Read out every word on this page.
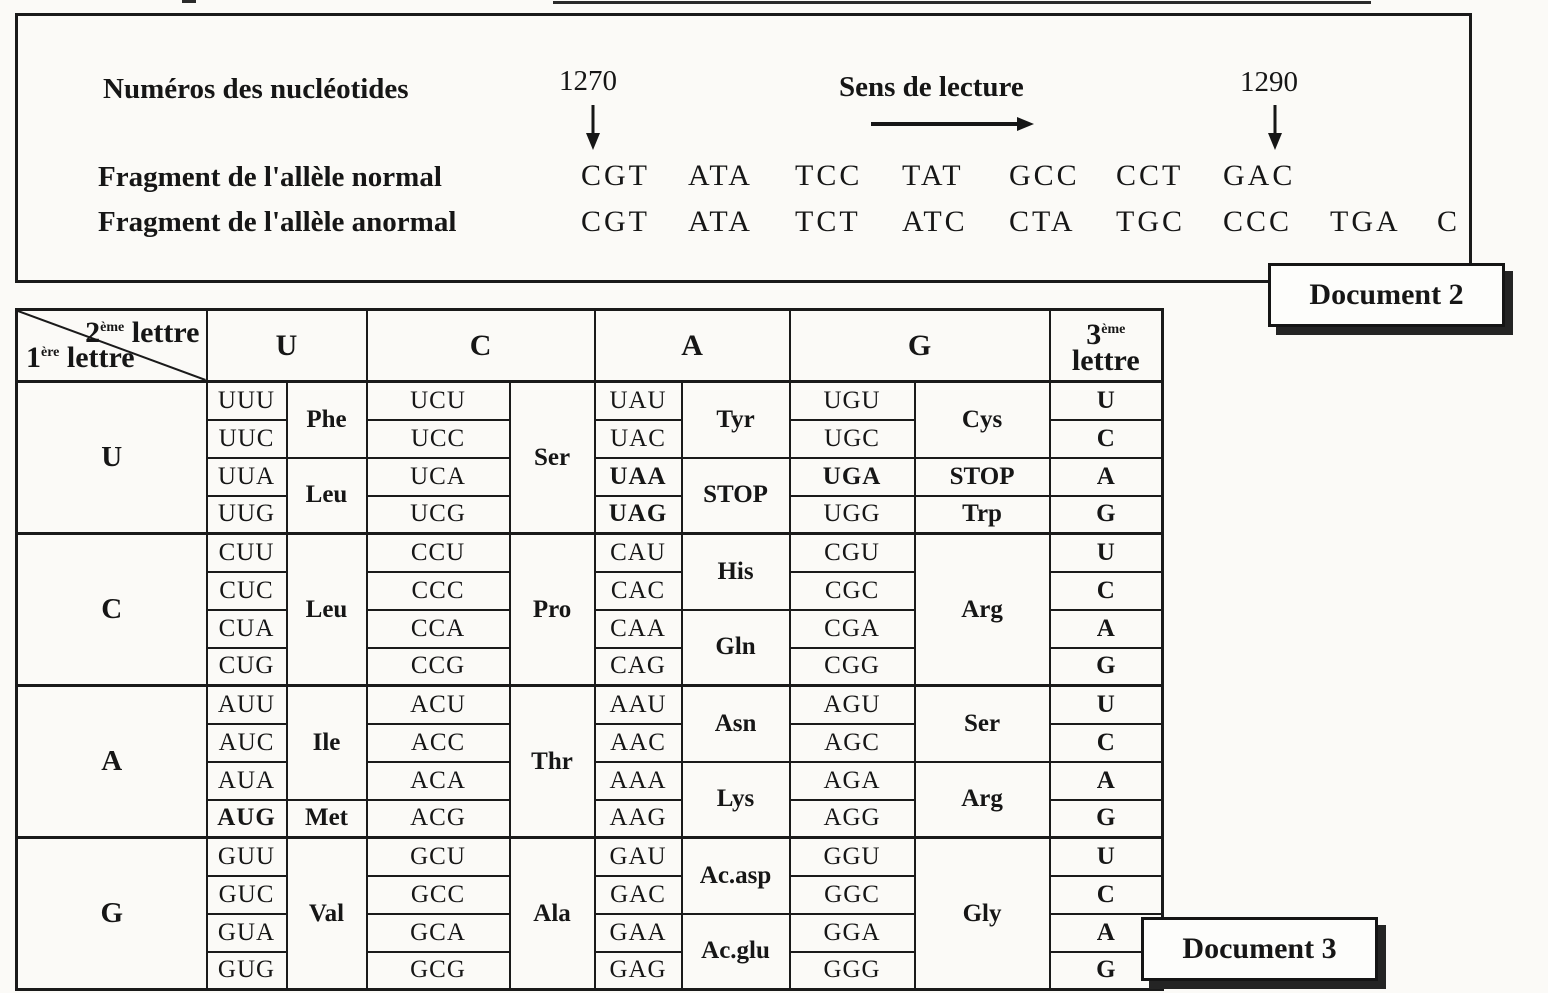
Numéros des nucléotides	1270	Sens de lecture	1290
Fragment de l'allèle normal	CGT ATA TCC TAT GCC CCT GAC
Fragment de l'allèle anormal	CGT ATA TCT ATC CTA TGC CCC TGA C
Document 2
2ème lettre
1ère lettre	U	C	A	G	3ème
lettre

U	UUU	Phe	UCU	Ser	UAU	Tyr	UGU	Cys	U
	UUC		UCC		UAC		UGC		C
	UUA	Leu	UCA		UAA	STOP	UGA	STOP	A
	UUG		UCG		UAG		UGG	Trp	G
C	CUU	Leu	CCU	Pro	CAU	His	CGU	Arg	U
	CUC		CCC		CAC		CGC		C
	CUA		CCA		CAA	Gln	CGA		A
	CUG		CCG		CAG		CGG		G
A	AUU	Ile	ACU	Thr	AAU	Asn	AGU	Ser	U
	AUC		ACC		AAC		AGC		C
	AUA		ACA		AAA	Lys	AGA	Arg	A
	AUG	Met	ACG		AAG		AGG		G
G	GUU	Val	GCU	Ala	GAU	Ac.asp	GGU	Gly	U
	GUC		GCC		GAC		GGC		C
	GUA		GCA		GAA	Ac.glu	GGA		A
	GUG		GCG		GAG		GGG		G
Document 3
